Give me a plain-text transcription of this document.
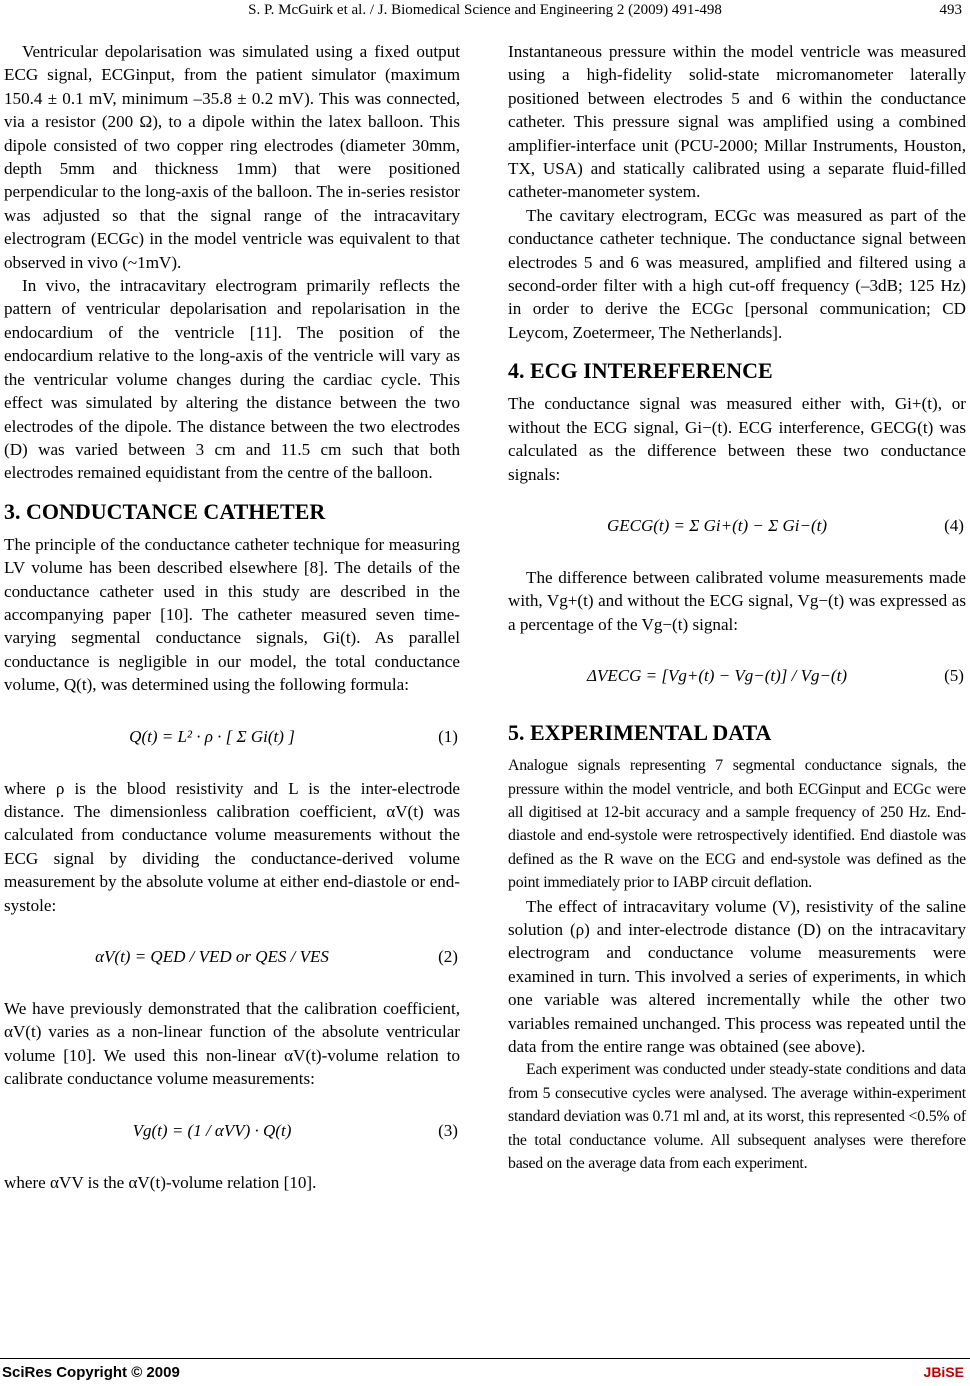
S. P. McGuirk et al. / J. Biomedical Science and Engineering 2 (2009) 491-498	493

Ventricular depolarisation was simulated using a fixed output ECG signal, ECGinput, from the patient simulator (maximum 150.4 ± 0.1 mV, minimum –35.8 ± 0.2 mV). This was connected, via a resistor (200 Ω), to a dipole within the latex balloon. This dipole consisted of two copper ring electrodes (diameter 30mm, depth 5mm and thickness 1mm) that were positioned perpendicular to the long-axis of the balloon. The in-series resistor was adjusted so that the signal range of the intracavitary electrogram (ECGc) in the model ventricle was equivalent to that observed in vivo (~1mV).

In vivo, the intracavitary electrogram primarily reflects the pattern of ventricular depolarisation and repolarisation in the endocardium of the ventricle [11]. The position of the endocardium relative to the long-axis of the ventricle will vary as the ventricular volume changes during the cardiac cycle. This effect was simulated by altering the distance between the two electrodes of the dipole. The distance between the two electrodes (D) was varied between 3 cm and 11.5 cm such that both electrodes remained equidistant from the centre of the balloon.

3. CONDUCTANCE CATHETER

The principle of the conductance catheter technique for measuring LV volume has been described elsewhere [8]. The details of the conductance catheter used in this study are described in the accompanying paper [10]. The catheter measured seven time-varying segmental conductance signals, Gi(t). As parallel conductance is negligible in our model, the total conductance volume, Q(t), was determined using the following formula:

Q(t) = L² · ρ · [ Σ Gi(t) ]	(1)

where ρ is the blood resistivity and L is the inter-electrode distance. The dimensionless calibration coefficient, αV(t) was calculated from conductance volume measurements without the ECG signal by dividing the conductance-derived volume measurement by the absolute volume at either end-diastole or end-systole:

αV(t) = QED / VED or QES / VES	(2)

We have previously demonstrated that the calibration coefficient, αV(t) varies as a non-linear function of the absolute ventricular volume [10]. We used this non-linear αV(t)-volume relation to calibrate conductance volume measurements:

Vg(t) = (1 / αVV) · Q(t)	(3)

where αVV is the αV(t)-volume relation [10].

Instantaneous pressure within the model ventricle was measured using a high-fidelity solid-state micromanometer laterally positioned between electrodes 5 and 6 within the conductance catheter. This pressure signal was amplified using a combined amplifier-interface unit (PCU-2000; Millar Instruments, Houston, TX, USA) and statically calibrated using a separate fluid-filled catheter-manometer system.

The cavitary electrogram, ECGc was measured as part of the conductance catheter technique. The conductance signal between electrodes 5 and 6 was measured, amplified and filtered using a second-order filter with a high cut-off frequency (–3dB; 125 Hz) in order to derive the ECGc [personal communication; CD Leycom, Zoetermeer, The Netherlands].

4. ECG INTEREFERENCE

The conductance signal was measured either with, Gi+(t), or without the ECG signal, Gi−(t). ECG interference, GECG(t) was calculated as the difference between these two conductance signals:

GECG(t) = Σ Gi+(t) − Σ Gi−(t)	(4)

The difference between calibrated volume measurements made with, Vg+(t) and without the ECG signal, Vg−(t) was expressed as a percentage of the Vg−(t) signal:

ΔVECG = [Vg+(t) − Vg−(t)] / Vg−(t)	(5)
5. EXPERIMENTAL DATA

Analogue signals representing 7 segmental conductance signals, the pressure within the model ventricle, and both ECGinput and ECGc were all digitised at 12-bit accuracy and a sample frequency of 250 Hz. End-diastole and end-systole were retrospectively identified. End diastole was defined as the R wave on the ECG and end-systole was defined as the point immediately prior to IABP circuit deflation.

The effect of intracavitary volume (V), resistivity of the saline solution (ρ) and inter-electrode distance (D) on the intracavitary electrogram and conductance volume measurements were examined in turn. This involved a series of experiments, in which one variable was altered incrementally while the other two variables remained unchanged. This process was repeated until the data from the entire range was obtained (see above).

Each experiment was conducted under steady-state conditions and data from 5 consecutive cycles were analysed. The average within-experiment standard deviation was 0.71 ml and, at its worst, this represented <0.5% of the total conductance volume. All subsequent analyses were therefore based on the average data from each experiment.

SciRes Copyright © 2009	JBiSE
